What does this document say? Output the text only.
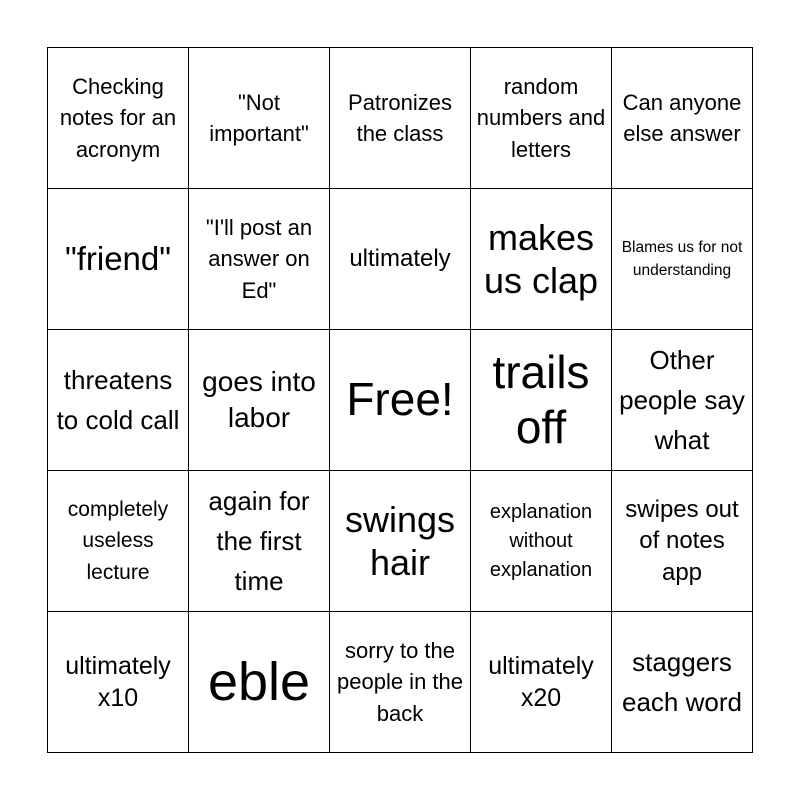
Checking notes for an acronym
"Not important"
Patronizes the class
random numbers and letters
Can anyone else answer
"friend"
"I'll post an answer on Ed"
ultimately
makes us clap
Blames us for not understanding
threatens to cold call
goes into labor	Free!
trails off
Other people say what
completely useless lecture
again for the first time
swings hair
explanation without explanation
swipes out of notes app
ultimately x10	eble
sorry to the people in the back
ultimately x20
staggers each word
